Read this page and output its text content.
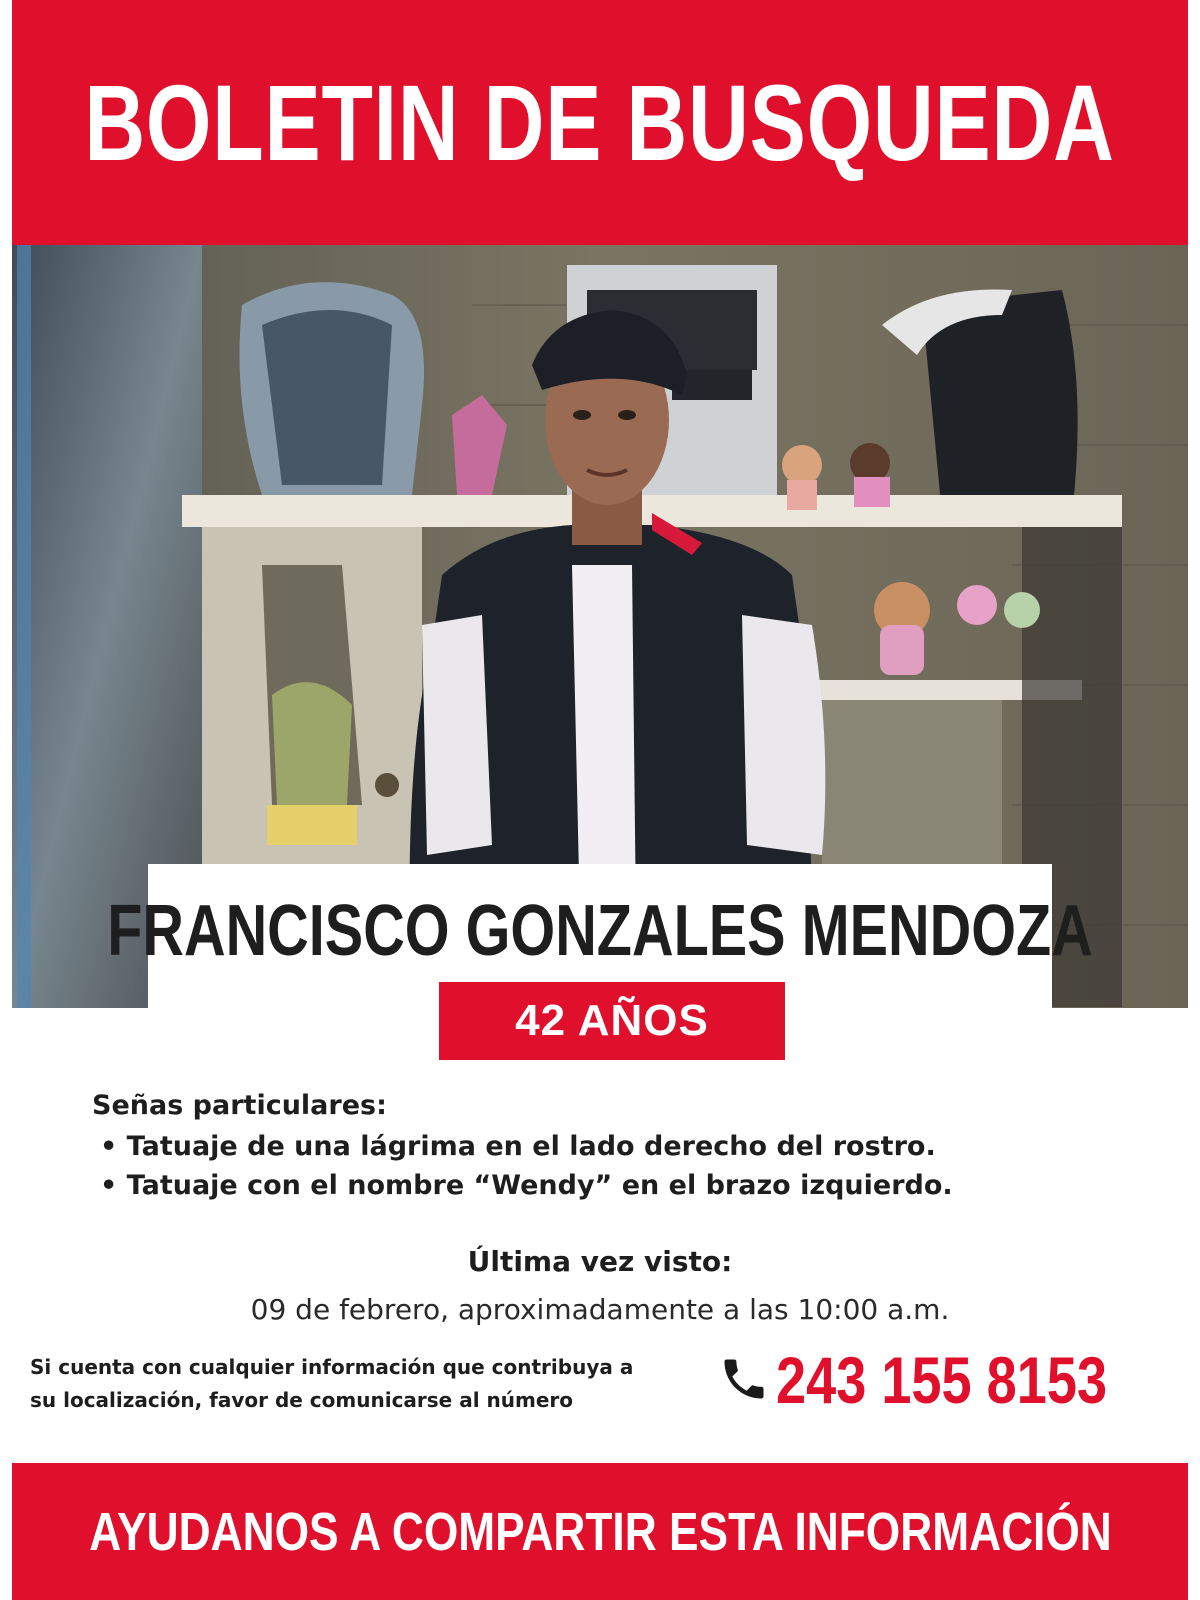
BOLETIN DE BUSQUEDA
FRANCISCO GONZALES MENDOZA
42 AÑOS
Señas particulares:
• Tatuaje de una lágrima en el lado derecho del rostro.
• Tatuaje con el nombre “Wendy” en el brazo izquierdo.
Última vez visto:
09 de febrero, aproximadamente a las 10:00 a.m.
Si cuenta con cualquier información que contribuya a
su localización, favor de comunicarse al número	243 155 8153
AYUDANOS A COMPARTIR ESTA INFORMACIÓN
